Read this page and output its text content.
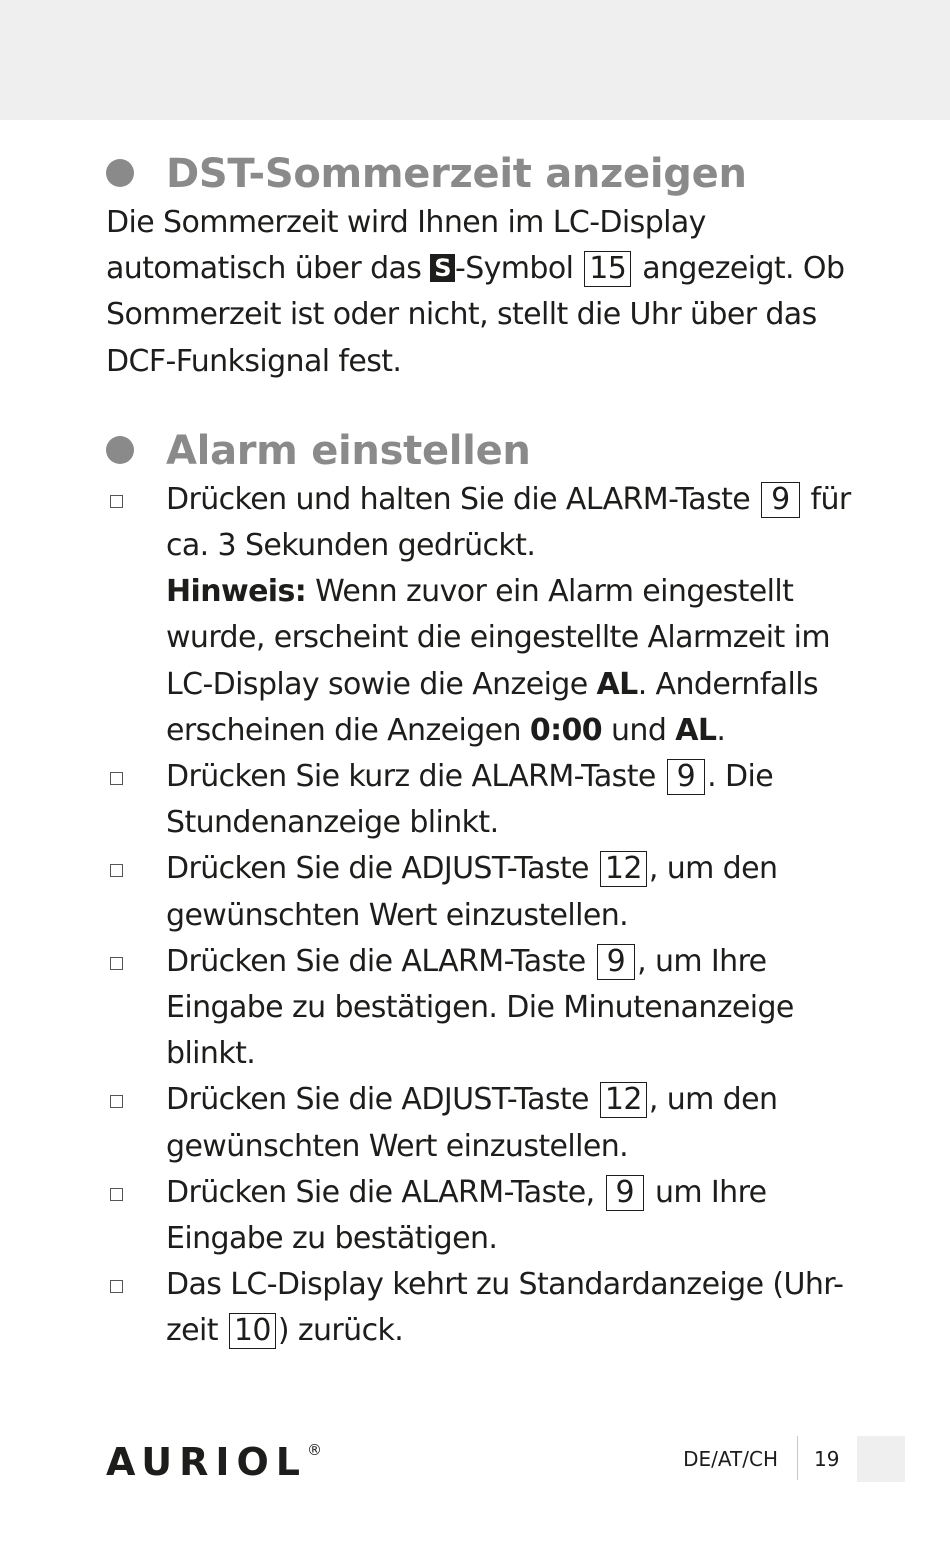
DST-Sommerzeit anzeigen

Die Sommerzeit wird Ihnen im LC-Display automatisch über das S -Symbol 15 angezeigt. Ob Sommerzeit ist oder nicht, stellt die Uhr über das DCF-Funksignal fest.

Alarm einstellen
Drücken und halten Sie die ALARM-Taste 9 für ca. 3 Sekunden gedrückt.
Hinweis: Wenn zuvor ein Alarm eingestellt wurde, erscheint die eingestellte Alarmzeit im LC-Display sowie die Anzeige AL. Andernfalls erscheinen die Anzeigen 0:00 und AL.
Drücken Sie kurz die ALARM-Taste 9 . Die Stundenanzeige blinkt.
Drücken Sie die ADJUST-Taste 12 , um den gewünschten Wert einzustellen.
Drücken Sie die ALARM-Taste 9 , um Ihre Eingabe zu bestätigen. Die Minutenanzeige blinkt.
Drücken Sie die ADJUST-Taste 12 , um den gewünschten Wert einzustellen.
Drücken Sie die ALARM-Taste, 9 um Ihre Eingabe zu bestätigen.
Das LC-Display kehrt zu Standardanzeige (Uhr-zeit 10 ) zurück.
AURIOL®	DE/AT/CH 19
